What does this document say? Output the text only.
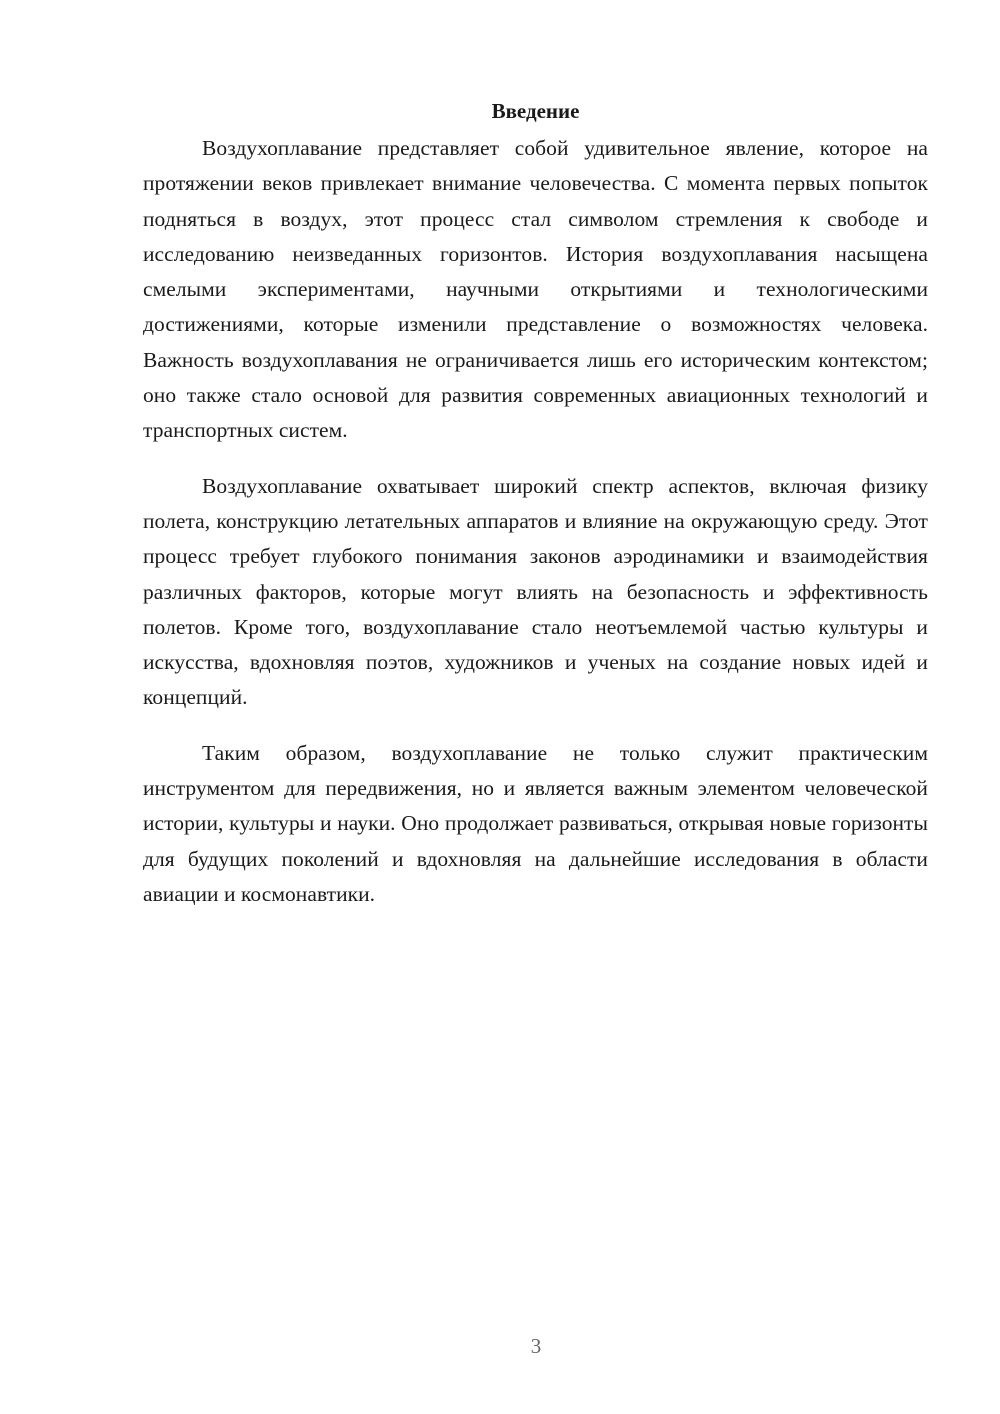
Введение

Воздухоплавание представляет собой удивительное явление, которое на протяжении веков привлекает внимание человечества. С момента первых попыток подняться в воздух, этот процесс стал символом стремления к свободе и исследованию неизведанных горизонтов. История воздухоплавания насыщена смелыми экспериментами, научными открытиями и технологическими достижениями, которые изменили представление о возможностях человека. Важность воздухоплавания не ограничивается лишь его историческим контекстом; оно также стало основой для развития современных авиационных технологий и транспортных систем.

Воздухоплавание охватывает широкий спектр аспектов, включая физику полета, конструкцию летательных аппаратов и влияние на окружающую среду. Этот процесс требует глубокого понимания законов аэродинамики и взаимодействия различных факторов, которые могут влиять на безопасность и эффективность полетов. Кроме того, воздухоплавание стало неотъемлемой частью культуры и искусства, вдохновляя поэтов, художников и ученых на создание новых идей и концепций.

Таким образом, воздухоплавание не только служит практическим инструментом для передвижения, но и является важным элементом человеческой истории, культуры и науки. Оно продолжает развиваться, открывая новые горизонты для будущих поколений и вдохновляя на дальнейшие исследования в области авиации и космонавтики.

3
